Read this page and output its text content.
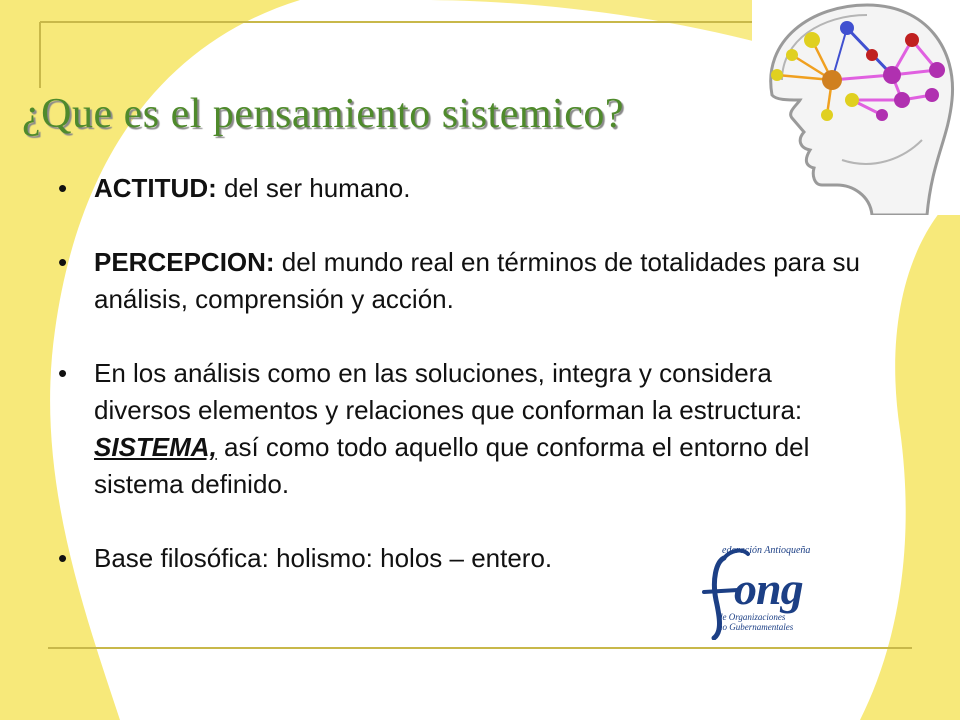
¿Que es el pensamiento sistemico?
• ACTITUD: del ser humano.
• PERCEPCION: del mundo real en términos de totalidades para su análisis, comprensión y acción.
• En los análisis como en las soluciones, integra y considera diversos elementos y relaciones que conforman la estructura: SISTEMA, así como todo aquello que conforma el entorno del sistema definido.
• Base filosófica: holismo: holos – entero.	ederación Antioqueña
ong
de Organizaciones
no Gubernamentales
